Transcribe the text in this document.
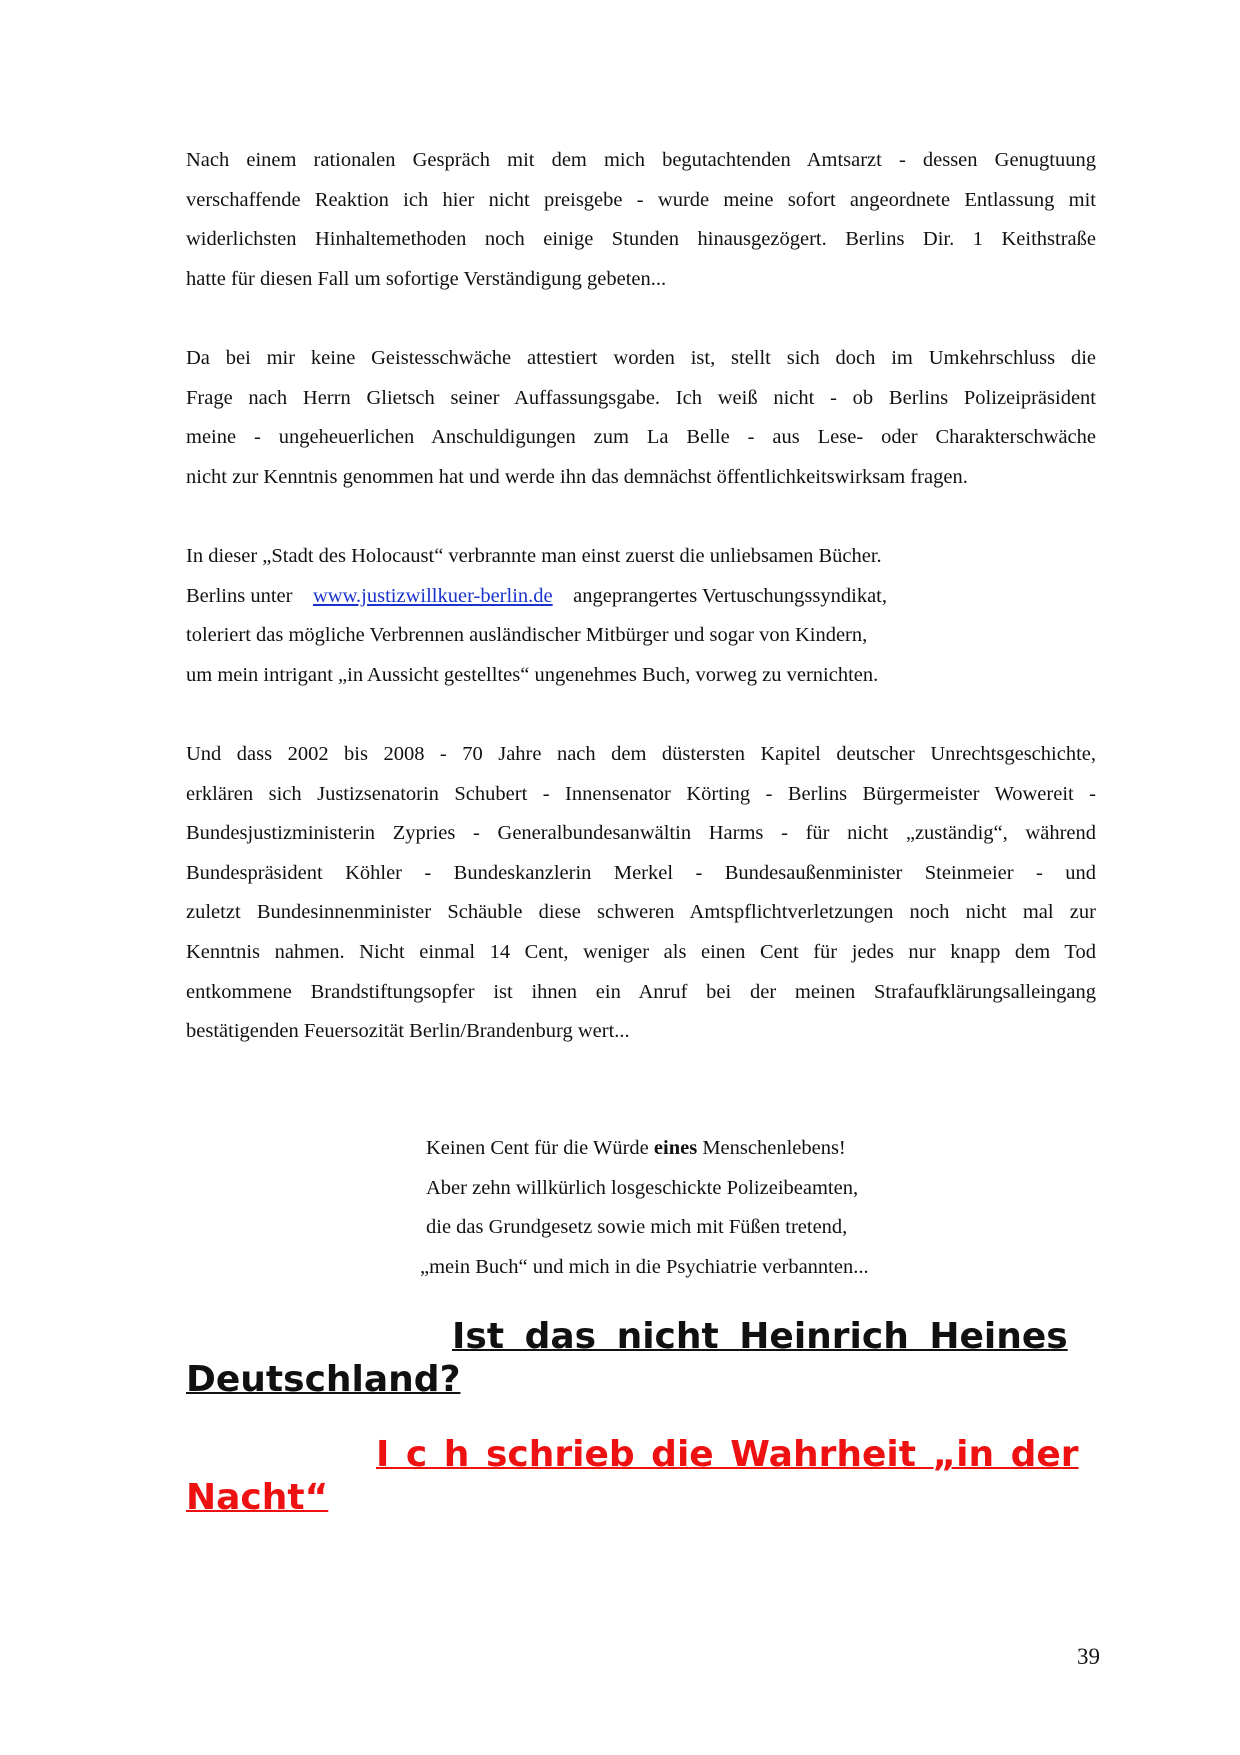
Nach einem rationalen Gespräch mit dem mich begutachtenden Amtsarzt - dessen Genugtuung
verschaffende Reaktion ich hier nicht preisgebe - wurde meine sofort angeordnete Entlassung mit
widerlichsten Hinhaltemethoden noch einige Stunden hinausgezögert. Berlins Dir. 1 Keithstraße
hatte für diesen Fall um sofortige Verständigung gebeten...
Da bei mir keine Geistesschwäche attestiert worden ist, stellt sich doch im Umkehrschluss die
Frage nach Herrn Glietsch seiner Auffassungsgabe. Ich weiß nicht - ob Berlins Polizeipräsident
meine - ungeheuerlichen Anschuldigungen zum La Belle - aus Lese- oder Charakterschwäche
nicht zur Kenntnis genommen hat und werde ihn das demnächst öffentlichkeitswirksam fragen.
In dieser „Stadt des Holocaust“ verbrannte man einst zuerst die unliebsamen Bücher.
Berlins unter www.justizwillkuer-berlin.de angeprangertes Vertuschungssyndikat,
toleriert das mögliche Verbrennen ausländischer Mitbürger und sogar von Kindern,
um mein intrigant „in Aussicht gestelltes“ ungenehmes Buch, vorweg zu vernichten.
Und dass 2002 bis 2008 - 70 Jahre nach dem düstersten Kapitel deutscher Unrechtsgeschichte,
erklären sich Justizsenatorin Schubert - Innensenator Körting - Berlins Bürgermeister Wowereit -
Bundesjustizministerin Zypries - Generalbundesanwältin Harms - für nicht „zuständig“, während
Bundespräsident Köhler - Bundeskanzlerin Merkel - Bundesaußenminister Steinmeier - und
zuletzt Bundesinnenminister Schäuble diese schweren Amtspflichtverletzungen noch nicht mal zur
Kenntnis nahmen. Nicht einmal 14 Cent, weniger als einen Cent für jedes nur knapp dem Tod
entkommene Brandstiftungsopfer ist ihnen ein Anruf bei der meinen Strafaufklärungsalleingang
bestätigenden Feuersozität Berlin/Brandenburg wert...
Keinen Cent für die Würde eines Menschenlebens!
Aber zehn willkürlich losgeschickte Polizeibeamten,
die das Grundgesetz sowie mich mit Füßen tretend,
„mein Buch“ und mich in die Psychiatrie verbannten...
Ist das nicht Heinrich Heines
Deutschland?
I c h schrieb die Wahrheit „in der
Nacht“
39
